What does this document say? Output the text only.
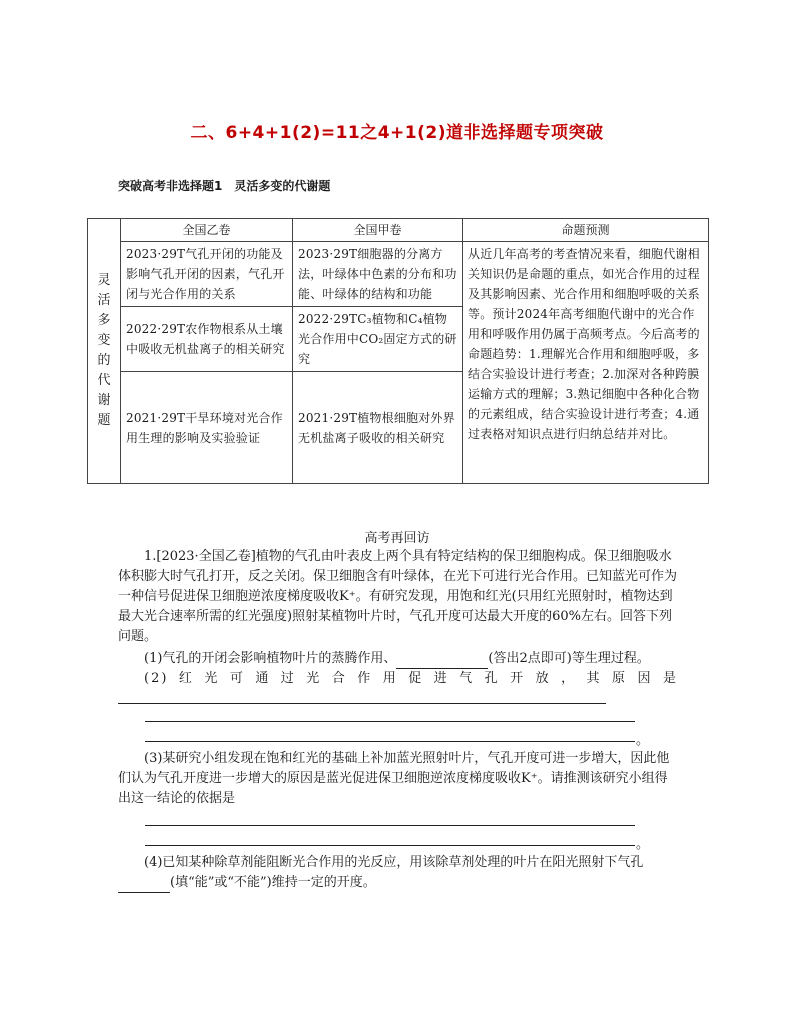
二、6+4+1(2)=11之4+1(2)道非选择题专项突破
突破高考非选择题1　灵活多变的代谢题
灵活多变的代谢题	全国乙卷	全国甲卷	命题预测
	2023·29T气孔开闭的功能及影响气孔开闭的因素，气孔开闭与光合作用的关系	2023·29T细胞器的分离方法，叶绿体中色素的分布和功能、叶绿体的结构和功能	从近几年高考的考查情况来看，细胞代谢相关知识仍是命题的重点，如光合作用的过程及其影响因素、光合作用和细胞呼吸的关系等。预计2024年高考细胞代谢中的光合作用和呼吸作用仍属于高频考点。今后高考的命题趋势：1.理解光合作用和细胞呼吸，多结合实验设计进行考查；2.加深对各种跨膜运输方式的理解；3.熟记细胞中各种化合物的元素组成，结合实验设计进行考查；4.通过表格对知识点进行归纳总结并对比。
	2022·29T农作物根系从土壤中吸收无机盐离子的相关研究	2022·29TC₃植物和C₄植物光合作用中CO₂固定方式的研究	
	2021·29T干旱环境对光合作用生理的影响及实验验证	2021·29T植物根细胞对外界无机盐离子吸收的相关研究	
高考再回访
1.[2023·全国乙卷]植物的气孔由叶表皮上两个具有特定结构的保卫细胞构成。保卫细胞吸水体积膨大时气孔打开，反之关闭。保卫细胞含有叶绿体，在光下可进行光合作用。已知蓝光可作为一种信号促进保卫细胞逆浓度梯度吸收K⁺。有研究发现，用饱和红光(只用红光照射时，植物达到最大光合速率所需的红光强度)照射某植物叶片时，气孔开度可达最大开度的60%左右。回答下列问题。
(1)气孔的开闭会影响植物叶片的蒸腾作用、	(答出2点即可)等生理过程。
(2)红光可通过光合作用促进气孔开放，其原因是
。
(3)某研究小组发现在饱和红光的基础上补加蓝光照射叶片，气孔开度可进一步增大，因此他们认为气孔开度进一步增大的原因是蓝光促进保卫细胞逆浓度梯度吸收K⁺。请推测该研究小组得出这一结论的依据是
。
(4)已知某种除草剂能阻断光合作用的光反应，用该除草剂处理的叶片在阳光照射下气孔
(填“能”或“不能”)维持一定的开度。
